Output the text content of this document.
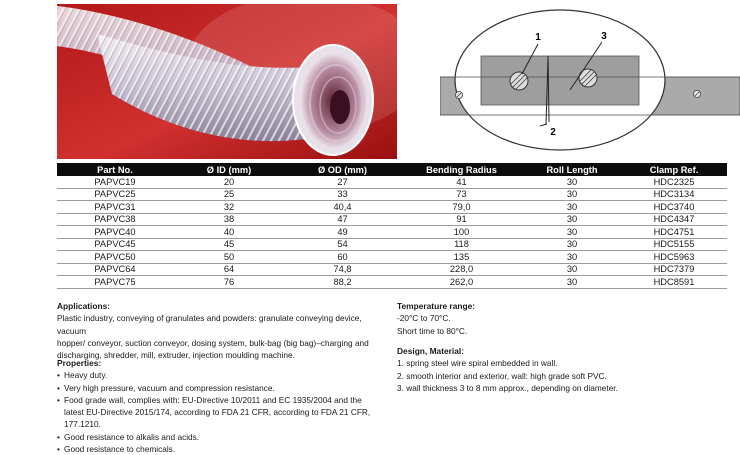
1	3
2
Part No.	Ø ID (mm)	Ø OD (mm)	Bending Radius	Roll Length	Clamp Ref.
PAPVC19	20	27	41	30	HDC2325
PAPVC25	25	33	73	30	HDC3134
PAPVC31	32	40,4	79,0	30	HDC3740
PAPVC38	38	47	91	30	HDC4347
PAPVC40	40	49	100	30	HDC4751
PAPVC45	45	54	118	30	HDC5155
PAPVC50	50	60	135	30	HDC5963
PAPVC64	64	74,8	228,0	30	HDC7379
PAPVC75	76	88,2	262,0	30	HDC8591
Applications:
Plastic industry, conveying of granulates and powders: granulate conveying device, vacuum
hopper/ conveyor, suction conveyor, dosing system, bulk-bag (big bag)–charging and
discharging, shredder, mill, extruder, injection moulding machine.
Properties:
• Heavy duty.
• Very high pressure, vacuum and compression resistance.
• Food grade wall, complies with: EU-Directive 10/2011 and EC 1935/2004 and the latest EU-Directive 2015/174, according to FDA 21 CFR, according to FDA 21 CFR, 177.1210.
• Good resistance to alkalis and acids.
• Good resistance to chemicals.
Temperature range:
-20°C to 70°C.
Short time to 80°C.
Design, Material:
1. spring steel wire spiral embedded in wall.
2. smooth interior and exterior, wall: high grade soft PVC.
3. wall thickness 3 to 8 mm approx., depending on diameter.
